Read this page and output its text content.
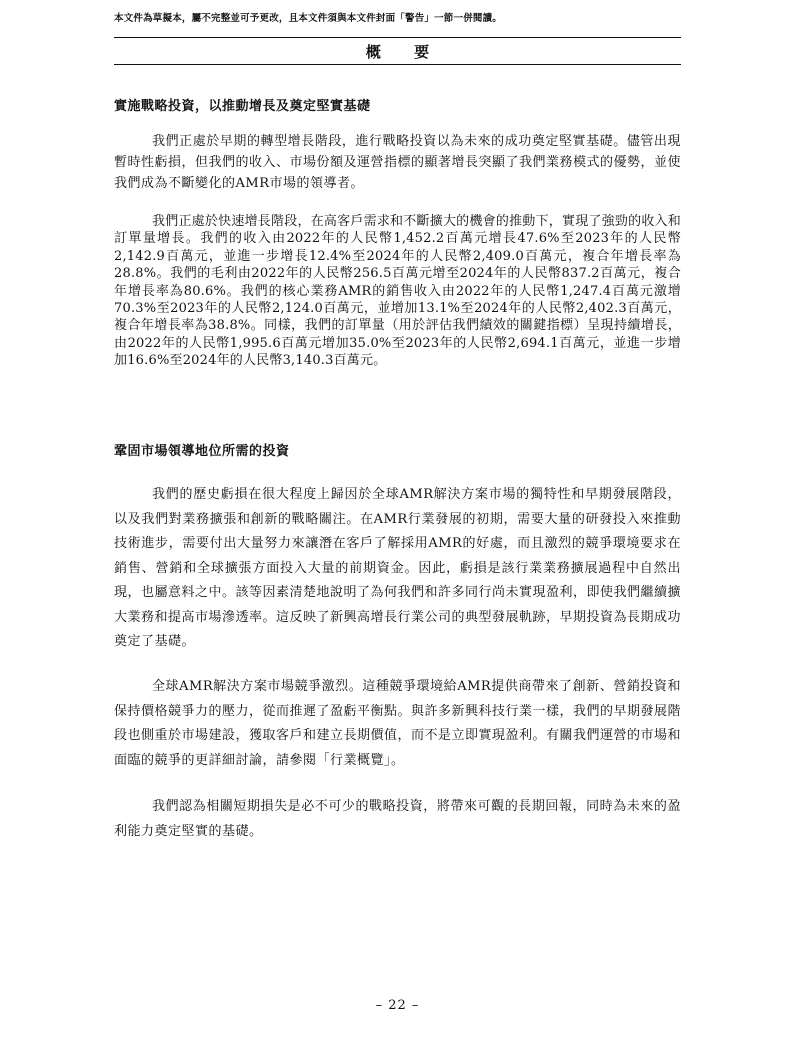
本文件為草擬本，屬不完整並可予更改，且本文件須與本文件封面「警告」一節一併閱讀。
概 要
實施戰略投資，以推動增長及奠定堅實基礎
我們正處於早期的轉型增長階段，進行戰略投資以為未來的成功奠定堅實基礎。儘管出現暫時性虧損，但我們的收入、市場份額及運營指標的顯著增長突顯了我們業務模式的優勢，並使我們成為不斷變化的AMR市場的領導者。
我們正處於快速增長階段，在高客戶需求和不斷擴大的機會的推動下，實現了強勁的收入和訂單量增長。我們的收入由2022年的人民幣1,452.2百萬元增長47.6%至2023年的人民幣2,142.9百萬元，並進一步增長12.4%至2024年的人民幣2,409.0百萬元，複合年增長率為28.8%。我們的毛利由2022年的人民幣256.5百萬元增至2024年的人民幣837.2百萬元，複合年增長率為80.6%。我們的核心業務AMR的銷售收入由2022年的人民幣1,247.4百萬元激增70.3%至2023年的人民幣2,124.0百萬元，並增加13.1%至2024年的人民幣2,402.3百萬元，複合年增長率為38.8%。同樣，我們的訂單量（用於評估我們績效的關鍵指標）呈現持續增長，由2022年的人民幣1,995.6百萬元增加35.0%至2023年的人民幣2,694.1百萬元，並進一步增加16.6%至2024年的人民幣3,140.3百萬元。
鞏固市場領導地位所需的投資
我們的歷史虧損在很大程度上歸因於全球AMR解決方案市場的獨特性和早期發展階段，以及我們對業務擴張和創新的戰略關注。在AMR行業發展的初期，需要大量的研發投入來推動技術進步，需要付出大量努力來讓潛在客戶了解採用AMR的好處，而且激烈的競爭環境要求在銷售、營銷和全球擴張方面投入大量的前期資金。因此，虧損是該行業業務擴展過程中自然出現，也屬意料之中。該等因素清楚地說明了為何我們和許多同行尚未實現盈利，即使我們繼續擴大業務和提高市場滲透率。這反映了新興高增長行業公司的典型發展軌跡，早期投資為長期成功奠定了基礎。
全球AMR解決方案市場競爭激烈。這種競爭環境給AMR提供商帶來了創新、營銷投資和保持價格競爭力的壓力，從而推遲了盈虧平衡點。與許多新興科技行業一樣，我們的早期發展階段也側重於市場建設，獲取客戶和建立長期價值，而不是立即實現盈利。有關我們運營的市場和面臨的競爭的更詳細討論，請參閱「行業概覽」。
我們認為相關短期損失是必不可少的戰略投資，將帶來可觀的長期回報，同時為未來的盈利能力奠定堅實的基礎。
– 22 –
